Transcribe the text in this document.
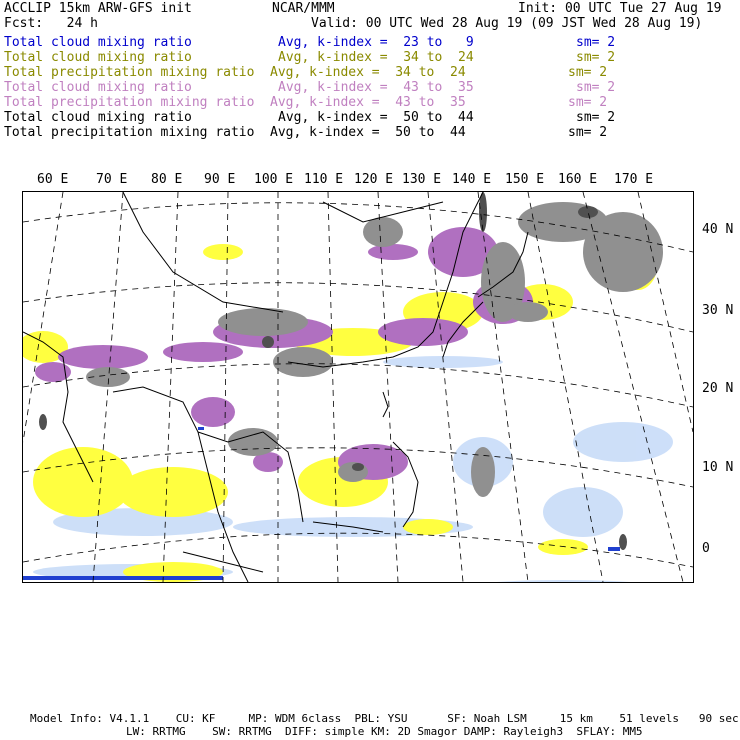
ACCLIP 15km ARW-GFS init	NCAR/MMM	Init: 00 UTC Tue 27 Aug 19
Fcst:   24 h	Valid: 00 UTC Wed 28 Aug 19 (09 JST Wed 28 Aug 19)
Total cloud mixing ratio	Avg, k-index =  23 to   9	sm= 2
Total cloud mixing ratio	Avg, k-index =  34 to  24	sm= 2
Total precipitation mixing ratio Avg, k-index =  34 to  24	sm= 2
Total cloud mixing ratio	Avg, k-index =  43 to  35	sm= 2
Total precipitation mixing ratio Avg, k-index =  43 to  35	sm= 2
Total cloud mixing ratio	Avg, k-index =  50 to  44	sm= 2
Total precipitation mixing ratio Avg, k-index =  50 to  44	sm= 2
60 E 70 E 80 E 90 E 100 E 110 E 120 E 130 E 140 E 150 E 160 E 170 E
40 N
30 N
20 N
10 N
0
Model Info: V4.1.1    CU: KF     MP: WDM 6class  PBL: YSU      SF: Noah LSM     15 km    51 levels   90 sec
LW: RRTMG    SW: RRTMG  DIFF: simple KM: 2D Smagor DAMP: Rayleigh3  SFLAY: MM5
